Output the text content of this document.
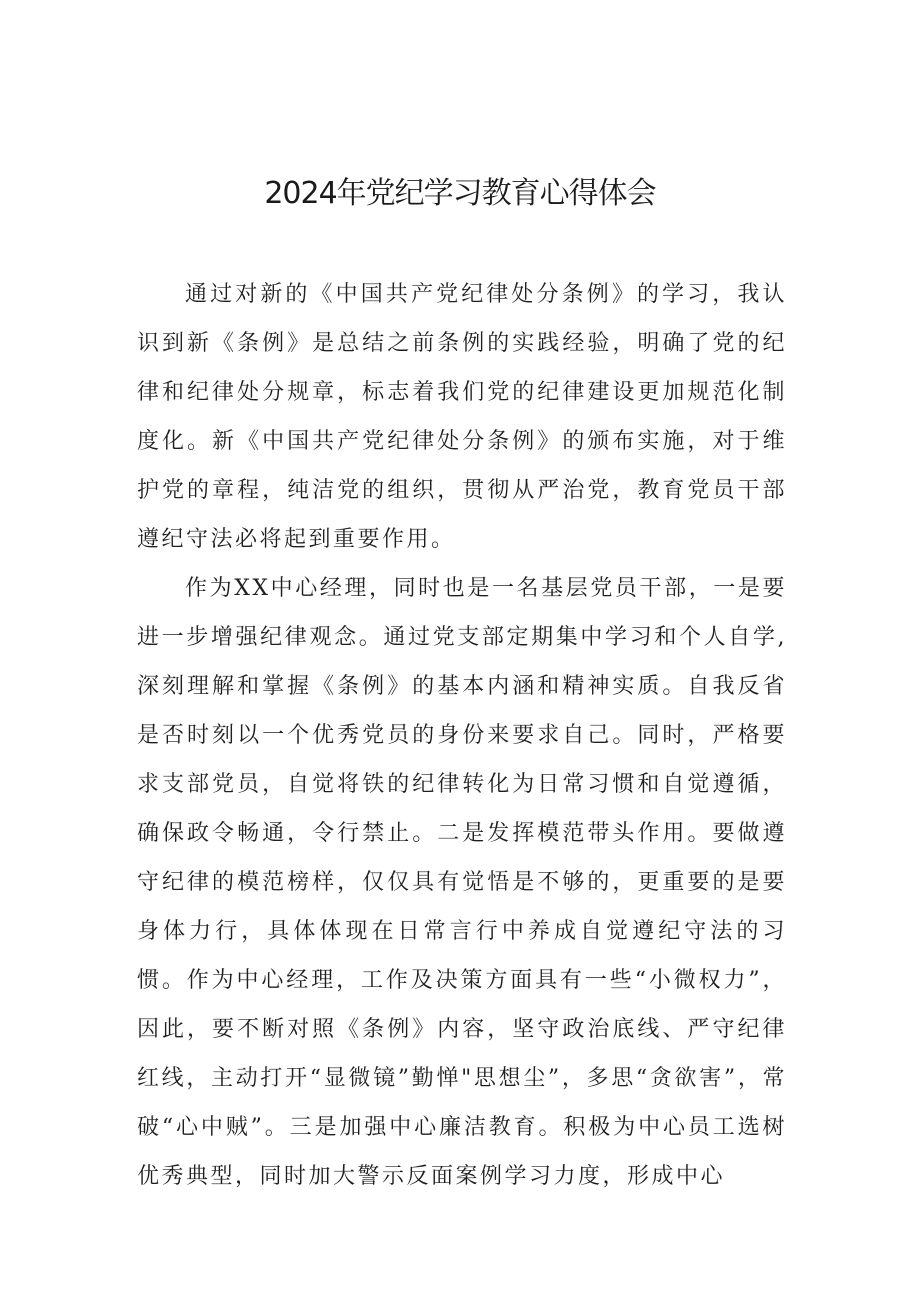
2024年党纪学习教育心得体会

通过对新的《中国共产党纪律处分条例》的学习，我认识到新《条例》是总结之前条例的实践经验，明确了党的纪律和纪律处分规章，标志着我们党的纪律建设更加规范化制度化。新《中国共产党纪律处分条例》的颁布实施，对于维护党的章程，纯洁党的组织，贯彻从严治党，教育党员干部遵纪守法必将起到重要作用。

作为XX中心经理，同时也是一名基层党员干部，一是要进一步增强纪律观念。通过党支部定期集中学习和个人自学,深刻理解和掌握《条例》的基本内涵和精神实质。自我反省是否时刻以一个优秀党员的身份来要求自己。同时，严格要求支部党员，自觉将铁的纪律转化为日常习惯和自觉遵循，确保政令畅通，令行禁止。二是发挥模范带头作用。要做遵守纪律的模范榜样，仅仅具有觉悟是不够的，更重要的是要身体力行，具体体现在日常言行中养成自觉遵纪守法的习惯。作为中心经理，工作及决策方面具有一些“小微权力”，因此，要不断对照《条例》内容，坚守政治底线、严守纪律红线，主动打开“显微镜”勤惮"思想尘”，多思“贪欲害”，常破“心中贼”。三是加强中心廉洁教育。积极为中心员工选树优秀典型，同时加大警示反面案例学习力度，形成中心
